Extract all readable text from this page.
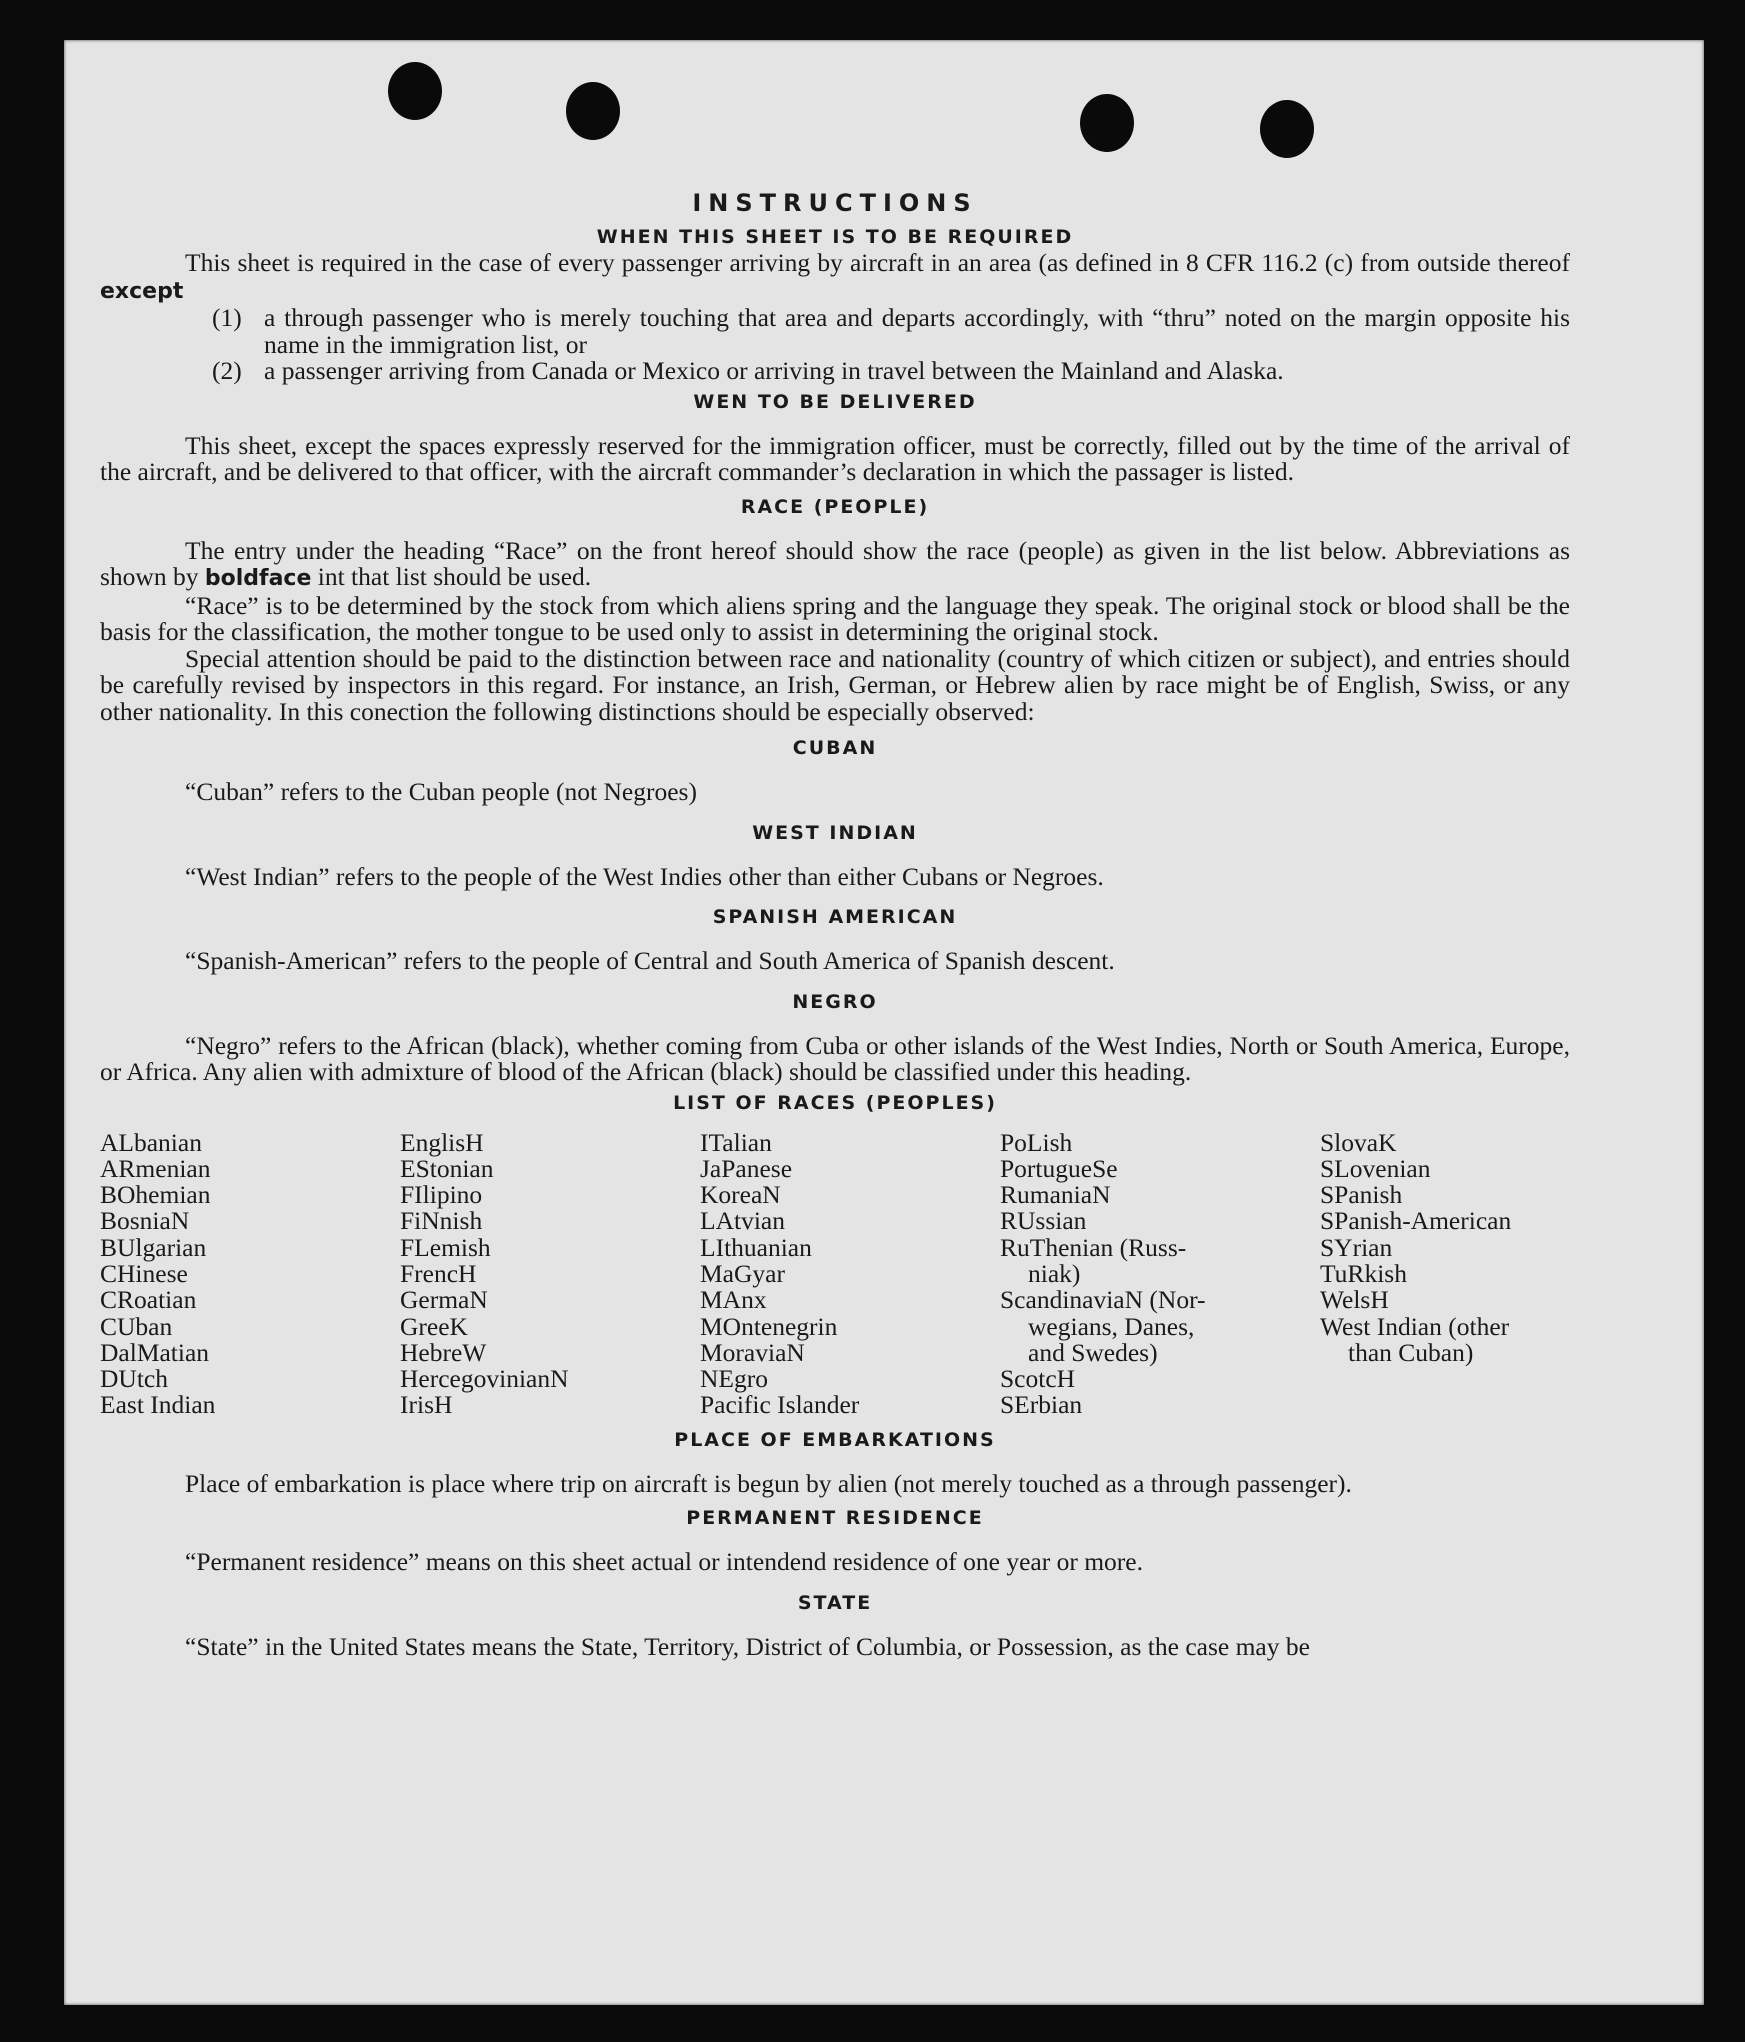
INSTRUCTIONS
WHEN THIS SHEET IS TO BE REQUIRED

This sheet is required in the case of every passenger arriving by aircraft in an area (as defined in 8 CFR 116.2 (c) from outside thereof except

(1) a through passenger who is merely touching that area and departs accordingly, with “thru” noted on the margin opposite his name in the immigration list, or
(2) a passenger arriving from Canada or Mexico or arriving in travel between the Mainland and Alaska.
WEN TO BE DELIVERED

This sheet, except the spaces expressly reserved for the immigration officer, must be correctly, filled out by the time of the arrival of the aircraft, and be delivered to that officer, with the aircraft commander’s declaration in which the passager is listed.

RACE (PEOPLE)

The entry under the heading “Race” on the front hereof should show the race (people) as given in the list below. Abbreviations as shown by boldface int that list should be used.

“Race” is to be determined by the stock from which aliens spring and the language they speak. The original stock or blood shall be the basis for the classification, the mother tongue to be used only to assist in determining the original stock.

Special attention should be paid to the distinction between race and nationality (country of which citizen or subject), and entries should be carefully revised by inspectors in this regard. For instance, an Irish, German, or Hebrew alien by race might be of English, Swiss, or any other nationality. In this conection the following distinctions should be especially observed:

CUBAN

“Cuban” refers to the Cuban people (not Negroes)

WEST INDIAN

“West Indian” refers to the people of the West Indies other than either Cubans or Negroes.

SPANISH AMERICAN

“Spanish-American” refers to the people of Central and South America of Spanish descent.

NEGRO

“Negro” refers to the African (black), whether coming from Cuba or other islands of the West Indies, North or South America, Europe, or Africa. Any alien with admixture of blood of the African (black) should be classified under this heading.

LIST OF RACES (PEOPLES)
ALbanian
ARmenian
BOhemian
BosniaN
BUlgarian
CHinese
CRoatian
CUban
DalMatian
DUtch
East Indian
EnglisH
EStonian
FIlipino
FiNnish
FLemish
FrencH
GermaN
GreeK
HebreW
HercegovinianN
IrisH
ITalian
JaPanese
KoreaN
LAtvian
LIthuanian
MaGyar
MAnx
MOntenegrin
MoraviaN
NEgro
Pacific Islander
PoLish
PortugueSe
RumaniaN
RUssian
RuThenian (Russ-
niak)
ScandinaviaN (Nor-
wegians, Danes,
and Swedes)
ScotcH
SErbian
SlovaK
SLovenian
SPanish
SPanish-American
SYrian
TuRkish
WelsH
West Indian (other
than Cuban)
PLACE OF EMBARKATIONS

Place of embarkation is place where trip on aircraft is begun by alien (not merely touched as a through passenger).

PERMANENT RESIDENCE

“Permanent residence” means on this sheet actual or intendend residence of one year or more.

STATE

“State” in the United States means the State, Territory, District of Columbia, or Possession, as the case may be
